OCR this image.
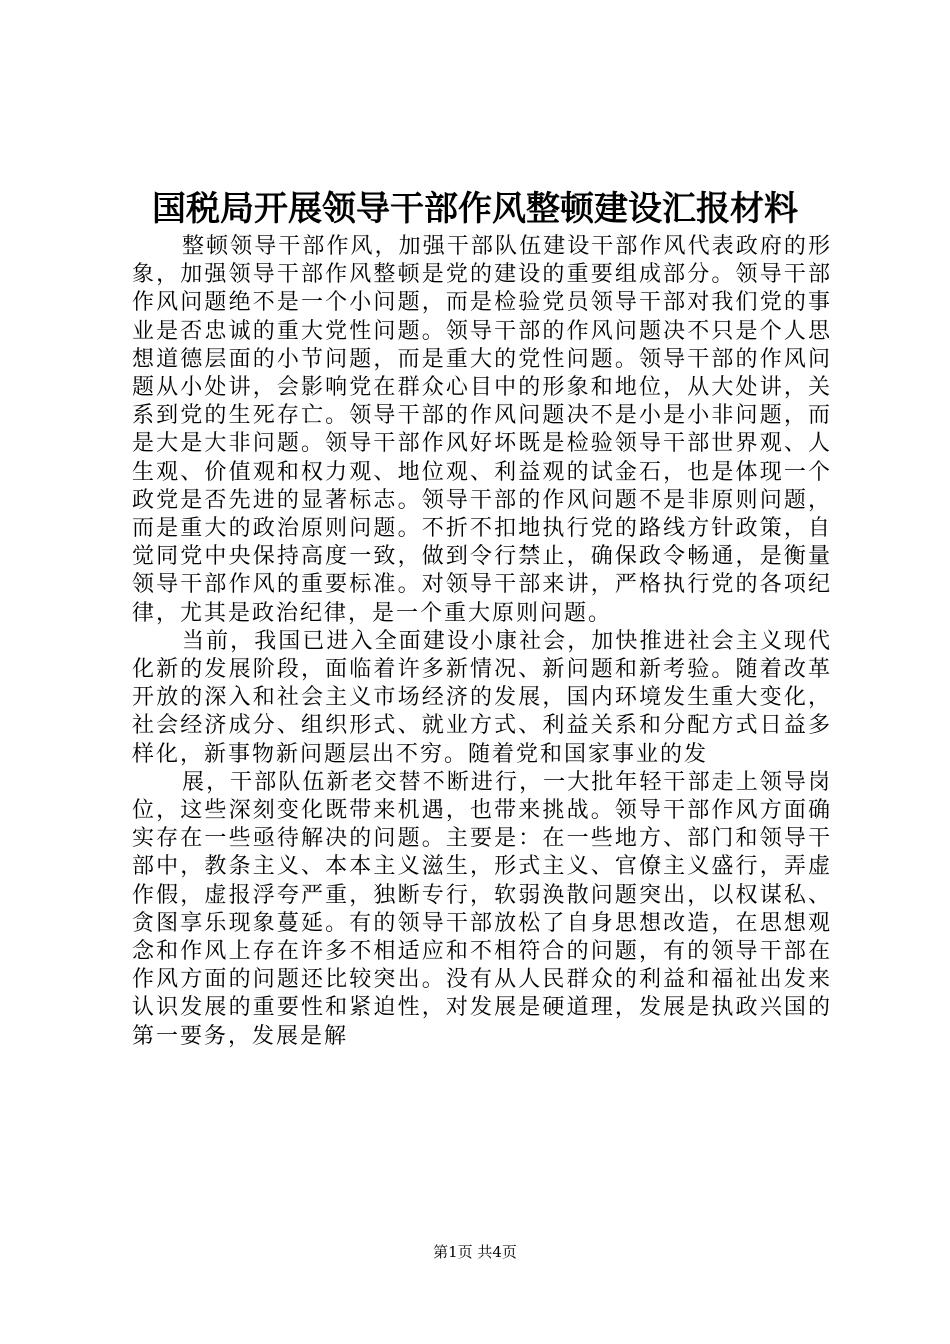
国税局开展领导干部作风整顿建设汇报材料

整顿领导干部作风，加强干部队伍建设干部作风代表政府的形象，加强领导干部作风整顿是党的建设的重要组成部分。领导干部作风问题绝不是一个小问题，而是检验党员领导干部对我们党的事业是否忠诚的重大党性问题。领导干部的作风问题决不只是个人思想道德层面的小节问题，而是重大的党性问题。领导干部的作风问题从小处讲，会影响党在群众心目中的形象和地位，从大处讲，关系到党的生死存亡。领导干部的作风问题决不是小是小非问题，而是大是大非问题。领导干部作风好坏既是检验领导干部世界观、人生观、价值观和权力观、地位观、利益观的试金石，也是体现一个政党是否先进的显著标志。领导干部的作风问题不是非原则问题，而是重大的政治原则问题。不折不扣地执行党的路线方针政策，自觉同党中央保持高度一致，做到令行禁止，确保政令畅通，是衡量领导干部作风的重要标准。对领导干部来讲，严格执行党的各项纪律，尤其是政治纪律，是一个重大原则问题。

当前，我国已进入全面建设小康社会，加快推进社会主义现代化新的发展阶段，面临着许多新情况、新问题和新考验。随着改革开放的深入和社会主义市场经济的发展，国内环境发生重大变化，社会经济成分、组织形式、就业方式、利益关系和分配方式日益多样化，新事物新问题层出不穷。随着党和国家事业的发

展，干部队伍新老交替不断进行，一大批年轻干部走上领导岗位，这些深刻变化既带来机遇，也带来挑战。领导干部作风方面确实存在一些亟待解决的问题。主要是：在一些地方、部门和领导干部中，教条主义、本本主义滋生，形式主义、官僚主义盛行，弄虚作假，虚报浮夸严重，独断专行，软弱涣散问题突出，以权谋私、贪图享乐现象蔓延。有的领导干部放松了自身思想改造，在思想观念和作风上存在许多不相适应和不相符合的问题，有的领导干部在作风方面的问题还比较突出。没有从人民群众的利益和福祉出发来认识发展的重要性和紧迫性，对发展是硬道理，发展是执政兴国的第一要务，发展是解

第1页 共4页
